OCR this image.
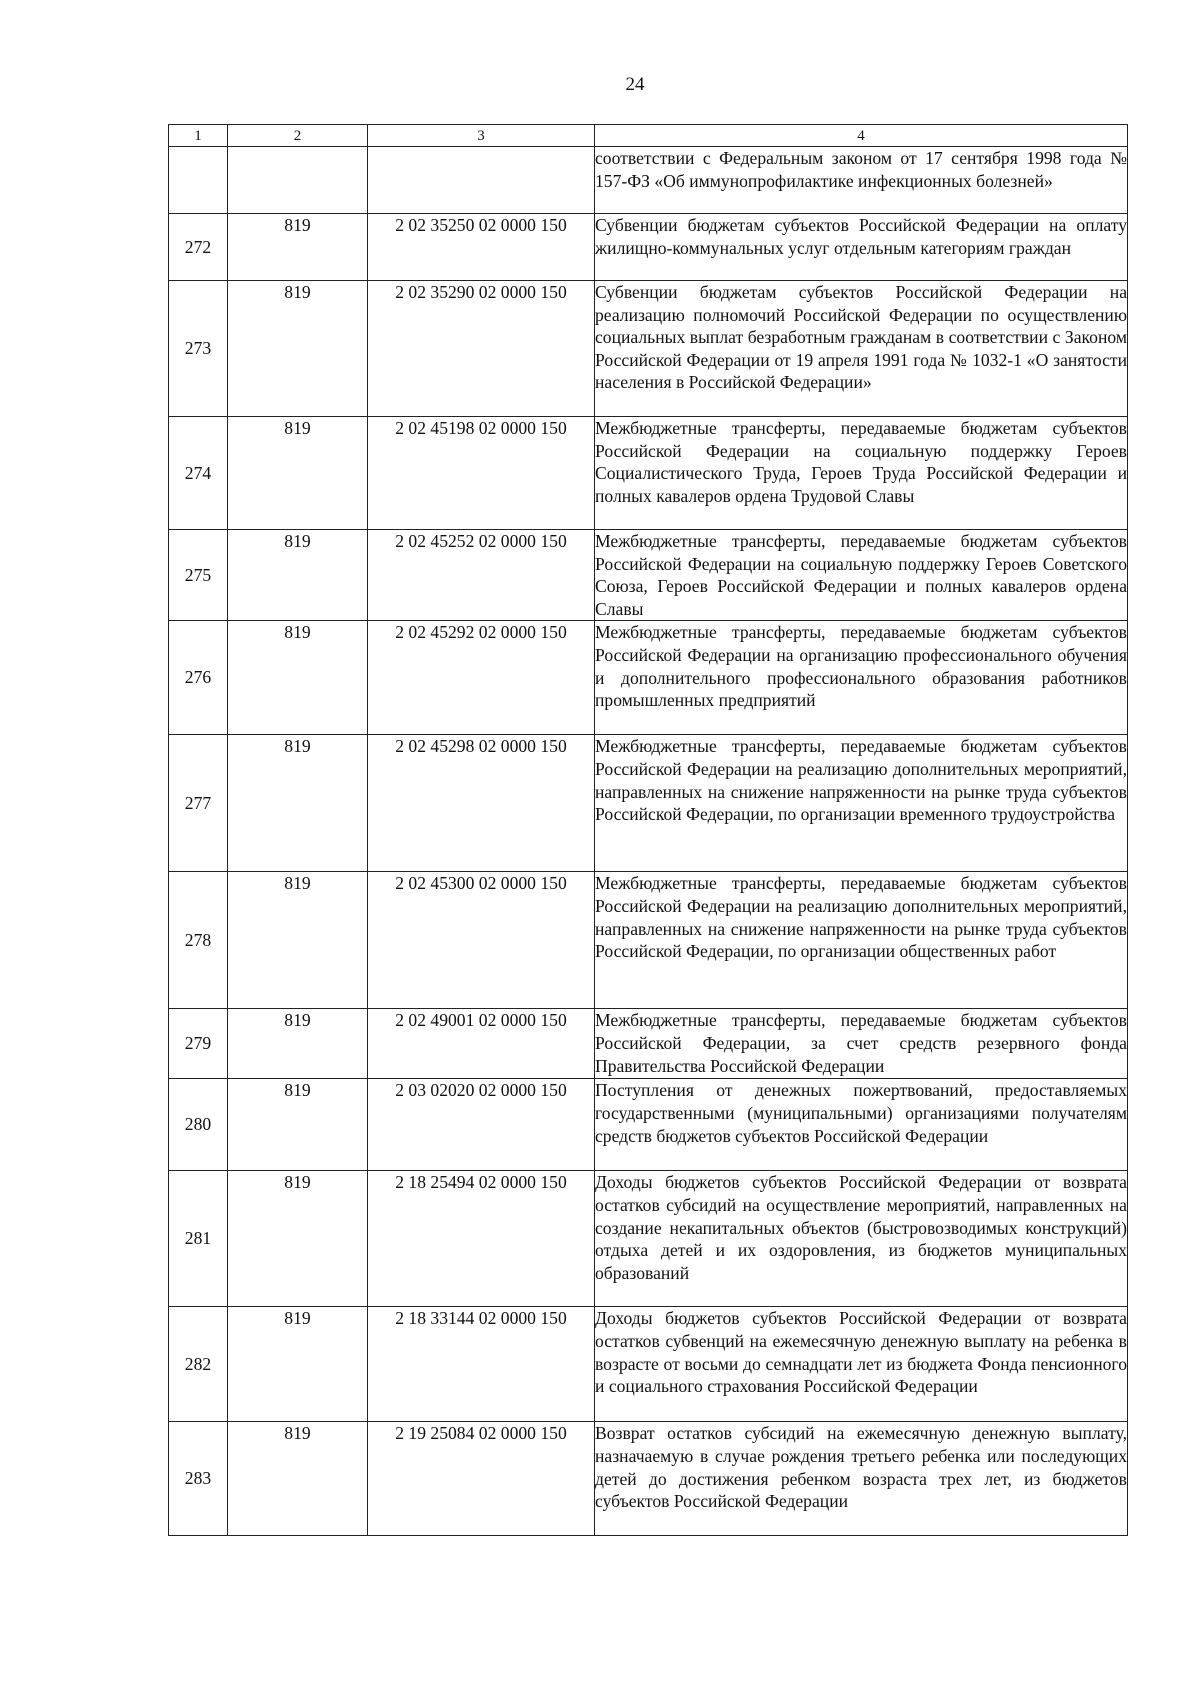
24
1	2	3	4
			соответствии с Федеральным законом от 17 сентября 1998 года № 157-ФЗ «Об иммунопрофилактике инфекционных болезней»
272	819	2 02 35250 02 0000 150	Субвенции бюджетам субъектов Российской Федерации на оплату жилищно-коммунальных услуг отдельным категориям граждан
273	819	2 02 35290 02 0000 150	Субвенции бюджетам субъектов Российской Федерации на реализацию полномочий Российской Федерации по осуществлению социальных выплат безработным гражданам в соответствии с Законом Российской Федерации от 19 апреля 1991 года № 1032-1 «О занятости населения в Российской Федерации»
274	819	2 02 45198 02 0000 150	Межбюджетные трансферты, передаваемые бюджетам субъектов Российской Федерации на социальную поддержку Героев Социалистического Труда, Героев Труда Российской Федерации и полных кавалеров ордена Трудовой Славы
275	819	2 02 45252 02 0000 150	Межбюджетные трансферты, передаваемые бюджетам субъектов Российской Федерации на социальную поддержку Героев Советского Союза, Героев Российской Федерации и полных кавалеров ордена Славы
276	819	2 02 45292 02 0000 150	Межбюджетные трансферты, передаваемые бюджетам субъектов Российской Федерации на организацию профессионального обучения и дополнительного профессионального образования работников промышленных предприятий
277	819	2 02 45298 02 0000 150	Межбюджетные трансферты, передаваемые бюджетам субъектов Российской Федерации на реализацию дополнительных мероприятий, направленных на снижение напряженности на рынке труда субъектов Российской Федерации, по организации временного трудоустройства
278	819	2 02 45300 02 0000 150	Межбюджетные трансферты, передаваемые бюджетам субъектов Российской Федерации на реализацию дополнительных мероприятий, направленных на снижение напряженности на рынке труда субъектов Российской Федерации, по организации общественных работ
279	819	2 02 49001 02 0000 150	Межбюджетные трансферты, передаваемые бюджетам субъектов Российской Федерации, за счет средств резервного фонда Правительства Российской Федерации
280	819	2 03 02020 02 0000 150	Поступления от денежных пожертвований, предоставляемых государственными (муниципальными) организациями получателям средств бюджетов субъектов Российской Федерации
281	819	2 18 25494 02 0000 150	Доходы бюджетов субъектов Российской Федерации от возврата остатков субсидий на осуществление мероприятий, направленных на создание некапитальных объектов (быстровозводимых конструкций) отдыха детей и их оздоровления, из бюджетов муниципальных образований
282	819	2 18 33144 02 0000 150	Доходы бюджетов субъектов Российской Федерации от возврата остатков субвенций на ежемесячную денежную выплату на ребенка в возрасте от восьми до семнадцати лет из бюджета Фонда пенсионного и социального страхования Российской Федерации
283	819	2 19 25084 02 0000 150	Возврат остатков субсидий на ежемесячную денежную выплату, назначаемую в случае рождения третьего ребенка или последующих детей до достижения ребенком возраста трех лет, из бюджетов субъектов Российской Федерации
